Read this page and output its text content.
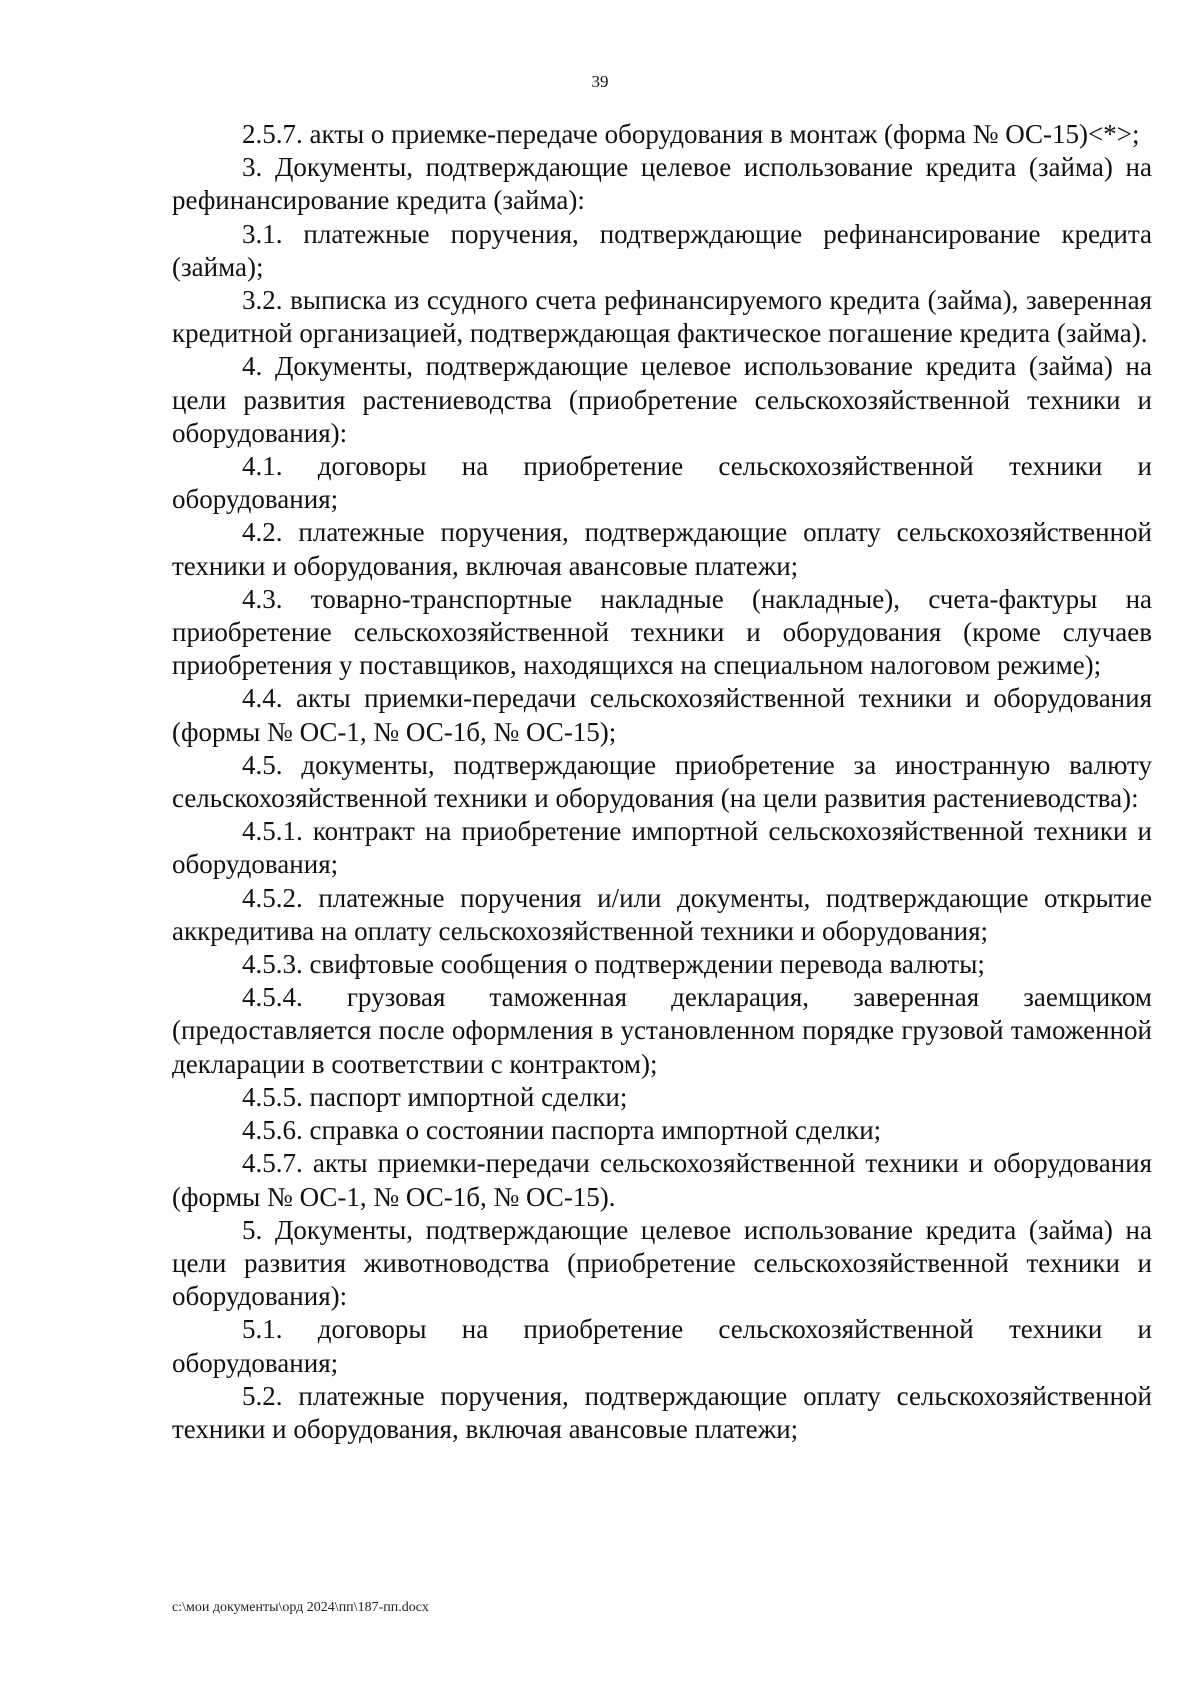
39

2.5.7. акты о приемке-передаче оборудования в монтаж (форма № ОС-15)<*>;

3. Документы, подтверждающие целевое использование кредита (займа) на рефинансирование кредита (займа):

3.1. платежные поручения, подтверждающие рефинансирование кредита (займа);

3.2. выписка из ссудного счета рефинансируемого кредита (займа), заверенная кредитной организацией, подтверждающая фактическое погашение кредита (займа).

4. Документы, подтверждающие целевое использование кредита (займа) на цели развития растениеводства (приобретение сельскохозяйственной техники и оборудования):

4.1. договоры на приобретение сельскохозяйственной техники и оборудования;

4.2. платежные поручения, подтверждающие оплату сельскохозяйственной техники и оборудования, включая авансовые платежи;

4.3. товарно-транспортные накладные (накладные), счета-фактуры на приобретение сельскохозяйственной техники и оборудования (кроме случаев приобретения у поставщиков, находящихся на специальном налоговом режиме);

4.4. акты приемки-передачи сельскохозяйственной техники и оборудования (формы № ОС-1, № ОС-1б, № ОС-15);

4.5. документы, подтверждающие приобретение за иностранную валюту сельскохозяйственной техники и оборудования (на цели развития растениеводства):

4.5.1. контракт на приобретение импортной сельскохозяйственной техники и оборудования;

4.5.2. платежные поручения и/или документы, подтверждающие открытие аккредитива на оплату сельскохозяйственной техники и оборудования;

4.5.3. свифтовые сообщения о подтверждении перевода валюты;

4.5.4. грузовая таможенная декларация, заверенная заемщиком (предоставляется после оформления в установленном порядке грузовой таможенной декларации в соответствии с контрактом);

4.5.5. паспорт импортной сделки;

4.5.6. справка о состоянии паспорта импортной сделки;

4.5.7. акты приемки-передачи сельскохозяйственной техники и оборудования (формы № ОС-1, № ОС-1б, № ОС-15).

5. Документы, подтверждающие целевое использование кредита (займа) на цели развития животноводства (приобретение сельскохозяйственной техники и оборудования):

5.1. договоры на приобретение сельскохозяйственной техники и оборудования;

5.2. платежные поручения, подтверждающие оплату сельскохозяйственной техники и оборудования, включая авансовые платежи;

c:\мои документы\орд 2024\пп\187-пп.docx
